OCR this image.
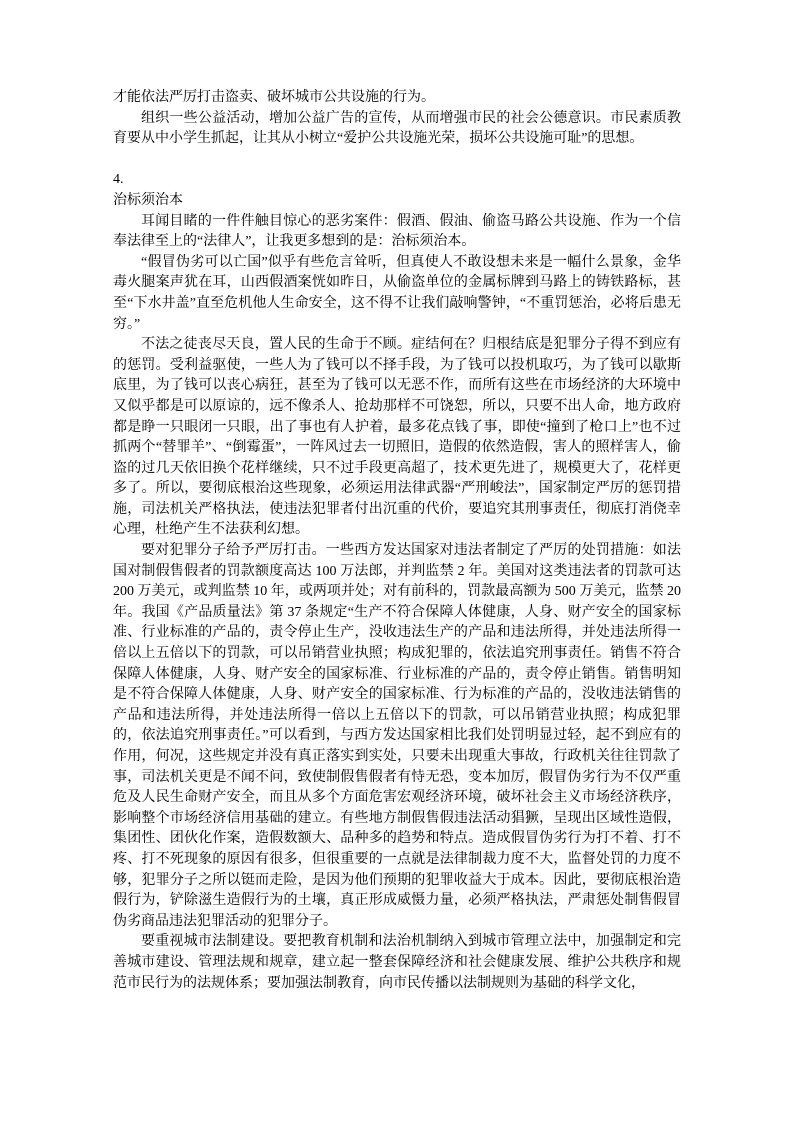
才能依法严厉打击盗卖、破坏城市公共设施的行为。

组织一些公益活动，增加公益广告的宣传，从而增强市民的社会公德意识。市民素质教育要从中小学生抓起，让其从小树立“爱护公共设施光荣，损坏公共设施可耻”的思想。

4.

治标须治本

耳闻目睹的一件件触目惊心的恶劣案件：假酒、假油、偷盗马路公共设施、作为一个信奉法律至上的“法律人”，让我更多想到的是：治标须治本。

“假冒伪劣可以亡国”似乎有些危言耸听，但真使人不敢设想未来是一幅什么景象，金华毒火腿案声犹在耳，山西假酒案恍如昨日，从偷盗单位的金属标牌到马路上的铸铁路标，甚至“下水井盖”直至危机他人生命安全，这不得不让我们敲响警钟，“不重罚惩治，必将后患无穷。”

不法之徒丧尽天良，置人民的生命于不顾。症结何在？归根结底是犯罪分子得不到应有的惩罚。受利益驱使，一些人为了钱可以不择手段，为了钱可以投机取巧，为了钱可以歇斯底里，为了钱可以丧心病狂，甚至为了钱可以无恶不作，而所有这些在市场经济的大环境中又似乎都是可以原谅的，远不像杀人、抢劫那样不可饶恕，所以，只要不出人命，地方政府都是睁一只眼闭一只眼，出了事也有人护着，最多花点钱了事，即使“撞到了枪口上”也不过抓两个“替罪羊”、“倒霉蛋”，一阵风过去一切照旧，造假的依然造假，害人的照样害人，偷盗的过几天依旧换个花样继续，只不过手段更高超了，技术更先进了，规模更大了，花样更多了。所以，要彻底根治这些现象，必须运用法律武器“严刑峻法”，国家制定严厉的惩罚措施，司法机关严格执法，使违法犯罪者付出沉重的代价，要追究其刑事责任，彻底打消侥幸心理，杜绝产生不法获利幻想。

要对犯罪分子给予严厉打击。一些西方发达国家对违法者制定了严厉的处罚措施：如法国对制假售假者的罚款额度高达 100 万法郎，并判监禁 2 年。美国对这类违法者的罚款可达 200 万美元，或判监禁 10 年，或两项并处；对有前科的，罚款最高额为 500 万美元，监禁 20 年。我国《产品质量法》第 37 条规定“生产不符合保障人体健康，人身、财产安全的国家标准、行业标准的产品的，责令停止生产，没收违法生产的产品和违法所得，并处违法所得一倍以上五倍以下的罚款，可以吊销营业执照；构成犯罪的，依法追究刑事责任。销售不符合保障人体健康，人身、财产安全的国家标准、行业标准的产品的，责令停止销售。销售明知是不符合保障人体健康，人身、财产安全的国家标准、行为标准的产品的，没收违法销售的产品和违法所得，并处违法所得一倍以上五倍以下的罚款，可以吊销营业执照；构成犯罪的，依法追究刑事责任。”可以看到，与西方发达国家相比我们处罚明显过轻，起不到应有的作用，何况，这些规定并没有真正落实到实处，只要未出现重大事故，行政机关往往罚款了事，司法机关更是不闻不问，致使制假售假者有恃无恐，变本加厉，假冒伪劣行为不仅严重危及人民生命财产安全，而且从多个方面危害宏观经济环境，破坏社会主义市场经济秩序，影响整个市场经济信用基础的建立。有些地方制假售假违法活动猖獗，呈现出区域性造假，集团性、团伙化作案，造假数额大、品种多的趋势和特点。造成假冒伪劣行为打不着、打不疼、打不死现象的原因有很多，但很重要的一点就是法律制裁力度不大，监督处罚的力度不够，犯罪分子之所以铤而走险，是因为他们预期的犯罪收益大于成本。因此，要彻底根治造假行为，铲除滋生造假行为的土壤，真正形成威慑力量，必须严格执法，严肃惩处制售假冒伪劣商品违法犯罪活动的犯罪分子。

要重视城市法制建设。要把教育机制和法治机制纳入到城市管理立法中，加强制定和完善城市建设、管理法规和规章，建立起一整套保障经济和社会健康发展、维护公共秩序和规范市民行为的法规体系；要加强法制教育，向市民传播以法制规则为基础的科学文化，
